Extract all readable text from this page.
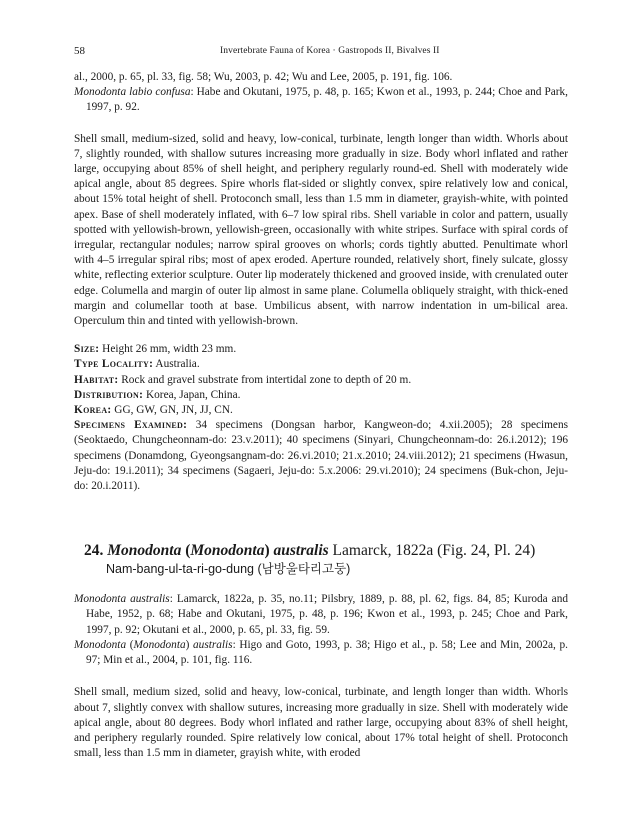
58	Invertebrate Fauna of Korea · Gastropods II, Bivalves II

al., 2000, p. 65, pl. 33, fig. 58; Wu, 2003, p. 42; Wu and Lee, 2005, p. 191, fig. 106.

Monodonta labio confusa: Habe and Okutani, 1975, p. 48, p. 165; Kwon et al., 1993, p. 244; Choe and Park, 1997, p. 92.

Shell small, medium-sized, solid and heavy, low-conical, turbinate, length longer than width. Whorls about 7, slightly rounded, with shallow sutures increasing more gradually in size. Body whorl inflated and rather large, occupying about 85% of shell height, and periphery regularly round-ed. Shell with moderately wide apical angle, about 85 degrees. Spire whorls flat-sided or slightly convex, spire relatively low and conical, about 15% total height of shell. Protoconch small, less than 1.5 mm in diameter, grayish-white, with pointed apex. Base of shell moderately inflated, with 6–7 low spiral ribs. Shell variable in color and pattern, usually spotted with yellowish-brown, yellowish-green, occasionally with white stripes. Surface with spiral cords of irregular, rectangular nodules; narrow spiral grooves on whorls; cords tightly abutted. Penultimate whorl with 4–5 irregular spiral ribs; most of apex eroded. Aperture rounded, relatively short, finely sulcate, glossy white, reflecting exterior sculpture. Outer lip moderately thickened and grooved inside, with crenulated outer edge. Columella and margin of outer lip almost in same plane. Columella obliquely straight, with thick-ened margin and columellar tooth at base. Umbilicus absent, with narrow indentation in um-bilical area. Operculum thin and tinted with yellowish-brown.

Size: Height 26 mm, width 23 mm.

Type Locality: Australia.

Habitat: Rock and gravel substrate from intertidal zone to depth of 20 m.

Distribution: Korea, Japan, China.

Korea: GG, GW, GN, JN, JJ, CN.

Specimens Examined: 34 specimens (Dongsan harbor, Kangweon-do; 4.xii.2005); 28 specimens (Seoktaedo, Chungcheonnam-do: 23.v.2011); 40 specimens (Sinyari, Chungcheonnam-do: 26.i.2012); 196 specimens (Donamdong, Gyeongsangnam-do: 26.vi.2010; 21.x.2010; 24.viii.2012); 21 specimens (Hwasun, Jeju-do: 19.i.2011); 34 specimens (Sagaeri, Jeju-do: 5.x.2006: 29.vi.2010); 24 specimens (Buk-chon, Jeju-do: 20.i.2011).

24. Monodonta (Monodonta) australis Lamarck, 1822a (Fig. 24, Pl. 24)

Nam-bang-ul-ta-ri-go-dung (남방울타리고둥)

Monodonta australis: Lamarck, 1822a, p. 35, no.11; Pilsbry, 1889, p. 88, pl. 62, figs. 84, 85; Kuroda and Habe, 1952, p. 68; Habe and Okutani, 1975, p. 48, p. 196; Kwon et al., 1993, p. 245; Choe and Park, 1997, p. 92; Okutani et al., 2000, p. 65, pl. 33, fig. 59.

Monodonta (Monodonta) australis: Higo and Goto, 1993, p. 38; Higo et al., p. 58; Lee and Min, 2002a, p. 97; Min et al., 2004, p. 101, fig. 116.

Shell small, medium sized, solid and heavy, low-conical, turbinate, and length longer than width. Whorls about 7, slightly convex with shallow sutures, increasing more gradually in size. Shell with moderately wide apical angle, about 80 degrees. Body whorl inflated and rather large, occupying about 83% of shell height, and periphery regularly rounded. Spire relatively low conical, about 17% total height of shell. Protoconch small, less than 1.5 mm in diameter, grayish white, with eroded
